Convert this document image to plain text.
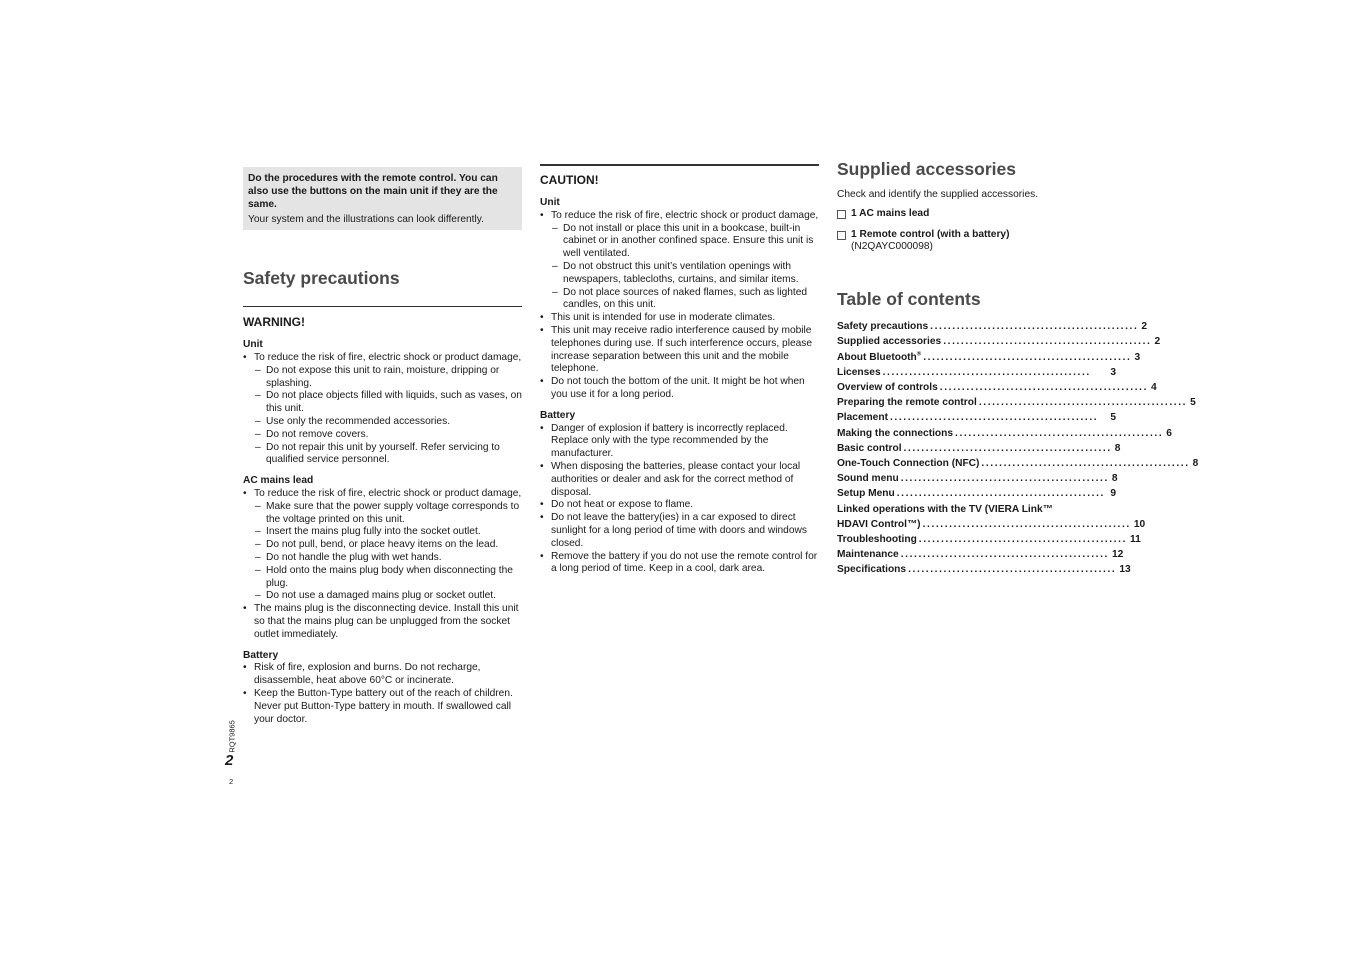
Do the procedures with the remote control. You can also use the buttons on the main unit if they are the same.

Your system and the illustrations can look differently.

Safety precautions
WARNING!
Unit
• To reduce the risk of fire, electric shock or product damage,
– Do not expose this unit to rain, moisture, dripping or splashing.
– Do not place objects filled with liquids, such as vases, on this unit.
– Use only the recommended accessories.
– Do not remove covers.
– Do not repair this unit by yourself. Refer servicing to qualified service personnel.
AC mains lead
• To reduce the risk of fire, electric shock or product damage,
– Make sure that the power supply voltage corresponds to the voltage printed on this unit.
– Insert the mains plug fully into the socket outlet.
– Do not pull, bend, or place heavy items on the lead.
– Do not handle the plug with wet hands.
– Hold onto the mains plug body when disconnecting the plug.
– Do not use a damaged mains plug or socket outlet.
• The mains plug is the disconnecting device. Install this unit so that the mains plug can be unplugged from the socket outlet immediately.
Battery
• Risk of fire, explosion and burns. Do not recharge, disassemble, heat above 60°C or incinerate.
• Keep the Button-Type battery out of the reach of children. Never put Button-Type battery in mouth. If swallowed call your doctor.
CAUTION!
Unit
• To reduce the risk of fire, electric shock or product damage,
– Do not install or place this unit in a bookcase, built-in cabinet or in another confined space. Ensure this unit is well ventilated.
– Do not obstruct this unit’s ventilation openings with newspapers, tablecloths, curtains, and similar items.
– Do not place sources of naked flames, such as lighted candles, on this unit.
• This unit is intended for use in moderate climates.
• This unit may receive radio interference caused by mobile telephones during use. If such interference occurs, please increase separation between this unit and the mobile telephone.
• Do not touch the bottom of the unit. It might be hot when you use it for a long period.
Battery
• Danger of explosion if battery is incorrectly replaced. Replace only with the type recommended by the manufacturer.
• When disposing the batteries, please contact your local authorities or dealer and ask for the correct method of disposal.
• Do not heat or expose to flame.
• Do not leave the battery(ies) in a car exposed to direct sunlight for a long period of time with doors and windows closed.
• Remove the battery if you do not use the remote control for a long period of time. Keep in a cool, dark area.
Supplied accessories
Check and identify the supplied accessories.
1 AC mains lead
1 Remote control (with a battery)
(N2QAYC000098)
Table of contents
Safety precautions ............................................... 2
Supplied accessories ............................................... 2
About Bluetooth® ............................................... 3
Licenses ...............................................	3
Overview of controls ............................................... 4
Preparing the remote control ............................................... 5
Placement ...............................................	5
Making the connections ............................................... 6
Basic control ............................................... 8
One-Touch Connection (NFC) ............................................... 8
Sound menu ............................................... 8
Setup Menu ............................................... 9
Linked operations with the TV (VIERA Link™
HDAVI Control™) ............................................... 10
Troubleshooting ............................................... 11
Maintenance ............................................... 12
Specifications ............................................... 13
RQT9865
2
2
